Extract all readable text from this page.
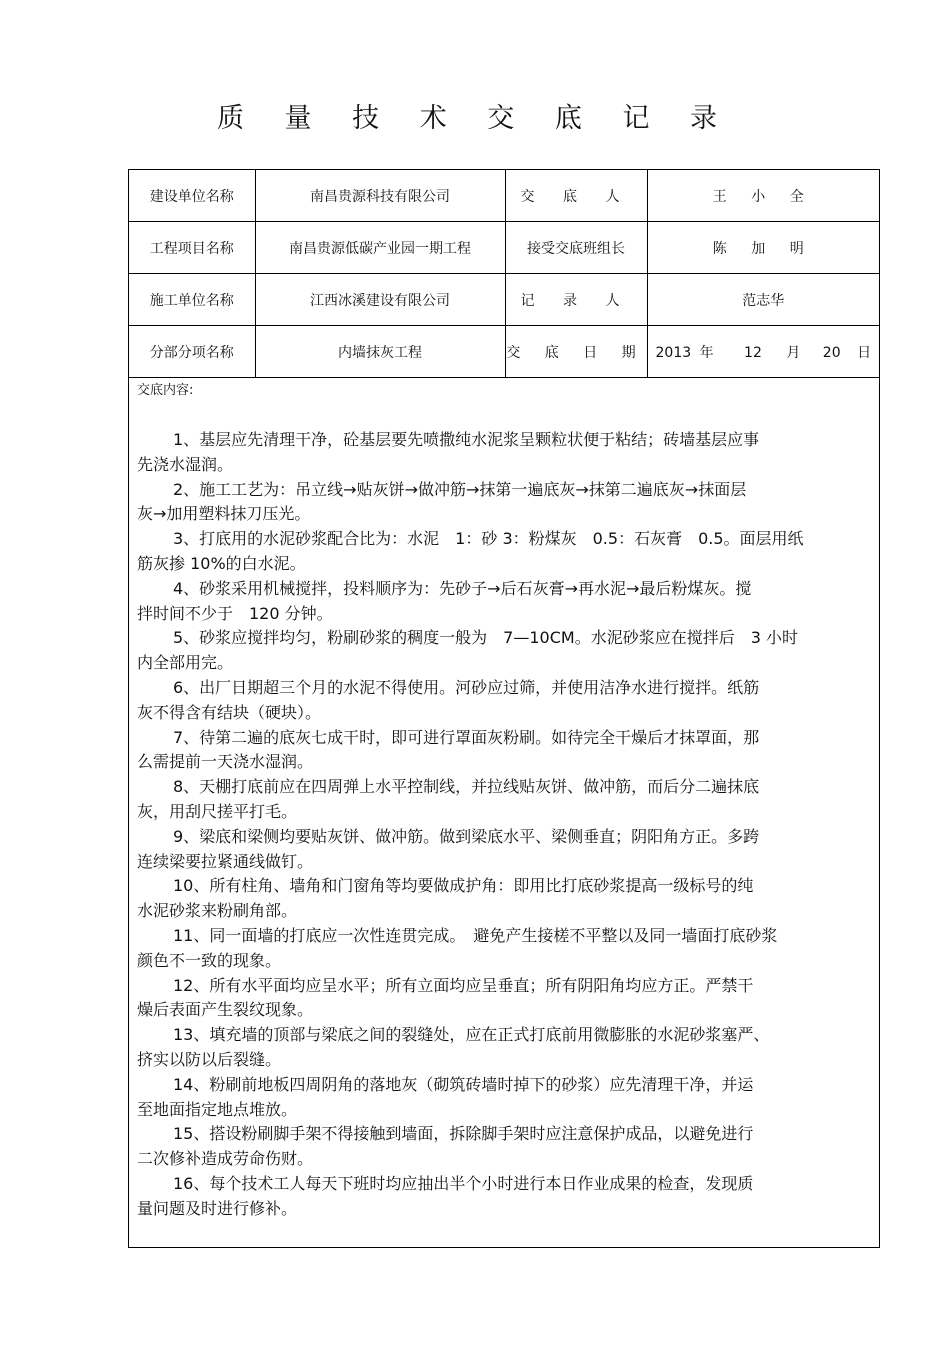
质 量 技 术 交 底 记 录
建设单位名称	南昌贵源科技有限公司	交 底 人	王 小 全
工程项目名称	南昌贵源低碳产业园一期工程	接受交底班组长	陈 加 明
施工单位名称	江西冰溪建设有限公司	记 录 人	范志华
分部分项名称	内墙抹灰工程	交 底 日 期	2013 年 12 月 20 日
交底内容:
1、基层应先清理干净，砼基层要先喷撒纯水泥浆呈颗粒状便于粘结；砖墙基层应事
先浇水湿润。
2、施工工艺为：吊立线→贴灰饼→做冲筋→抹第一遍底灰→抹第二遍底灰→抹面层
灰→加用塑料抹刀压光。
3、打底用的水泥砂浆配合比为：水泥　1：砂 3：粉煤灰　0.5：石灰膏　0.5。面层用纸
筋灰掺 10%的白水泥。
4、砂浆采用机械搅拌，投料顺序为：先砂子→后石灰膏→再水泥→最后粉煤灰。搅
拌时间不少于　120 分钟。
5、砂浆应搅拌均匀，粉刷砂浆的稠度一般为　7—10CM。水泥砂浆应在搅拌后　3 小时
内全部用完。
6、出厂日期超三个月的水泥不得使用。河砂应过筛，并使用洁净水进行搅拌。纸筋
灰不得含有结块（硬块）。
7、待第二遍的底灰七成干时，即可进行罩面灰粉刷。如待完全干燥后才抹罩面，那
么需提前一天浇水湿润。
8、天棚打底前应在四周弹上水平控制线，并拉线贴灰饼、做冲筋，而后分二遍抹底
灰，用刮尺搓平打毛。
9、梁底和梁侧均要贴灰饼、做冲筋。做到梁底水平、梁侧垂直；阴阳角方正。多跨
连续梁要拉紧通线做钉。
10、所有柱角、墙角和门窗角等均要做成护角：即用比打底砂浆提高一级标号的纯
水泥砂浆来粉刷角部。
11、同一面墙的打底应一次性连贯完成。　避免产生接槎不平整以及同一墙面打底砂浆
颜色不一致的现象。
12、所有水平面均应呈水平；所有立面均应呈垂直；所有阴阳角均应方正。严禁干
燥后表面产生裂纹现象。
13、填充墙的顶部与梁底之间的裂缝处，应在正式打底前用微膨胀的水泥砂浆塞严、
挤实以防以后裂缝。
14、粉刷前地板四周阴角的落地灰（砌筑砖墙时掉下的砂浆）应先清理干净，并运
至地面指定地点堆放。
15、搭设粉刷脚手架不得接触到墙面，拆除脚手架时应注意保护成品，以避免进行
二次修补造成劳命伤财。
16、每个技术工人每天下班时均应抽出半个小时进行本日作业成果的检查，发现质
量问题及时进行修补。
